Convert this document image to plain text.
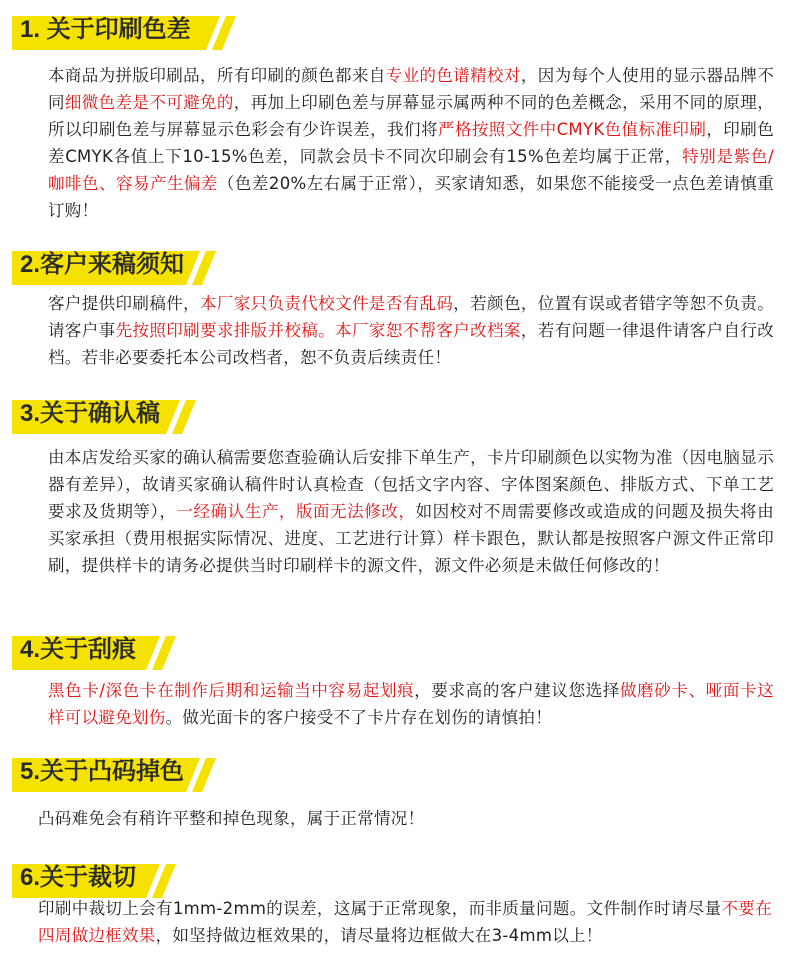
1. 关于印刷色差
本商品为拼版印刷品，所有印刷的颜色都来自专业的色谱精校对，因为每个人使用的显示器品牌不同细微色差是不可避免的，再加上印刷色差与屏幕显示属两种不同的色差概念，采用不同的原理，所以印刷色差与屏幕显示色彩会有少许误差，我们将严格按照文件中CMYK色值标准印刷，印刷色差CMYK各值上下10-15%色差，同款会员卡不同次印刷会有15%色差均属于正常，特别是紫色/咖啡色、容易产生偏差（色差20%左右属于正常），买家请知悉，如果您不能接受一点色差请慎重订购！
2.客户来稿须知
客户提供印刷稿件，本厂家只负责代校文件是否有乱码，若颜色，位置有误或者错字等恕不负责。请客户事先按照印刷要求排版并校稿。本厂家恕不帮客户改档案，若有问题一律退件请客户自行改档。若非必要委托本公司改档者，恕不负责后续责任！
3.关于确认稿
由本店发给买家的确认稿需要您查验确认后安排下单生产，卡片印刷颜色以实物为准（因电脑显示器有差异），故请买家确认稿件时认真检查（包括文字内容、字体图案颜色、排版方式、下单工艺要求及货期等），一经确认生产，版面无法修改，如因校对不周需要修改或造成的问题及损失将由买家承担（费用根据实际情况、进度、工艺进行计算）样卡跟色，默认都是按照客户源文件正常印刷，提供样卡的请务必提供当时印刷样卡的源文件，源文件必须是未做任何修改的！
4.关于刮痕
黑色卡/深色卡在制作后期和运输当中容易起划痕，要求高的客户建议您选择做磨砂卡、哑面卡这样可以避免划伤。做光面卡的客户接受不了卡片存在划伤的请慎拍！
5.关于凸码掉色
凸码难免会有稍许平整和掉色现象，属于正常情况！
6.关于裁切
印刷中裁切上会有1mm-2mm的误差，这属于正常现象，而非质量问题。文件制作时请尽量不要在四周做边框效果，如坚持做边框效果的，请尽量将边框做大在3-4mm以上！
